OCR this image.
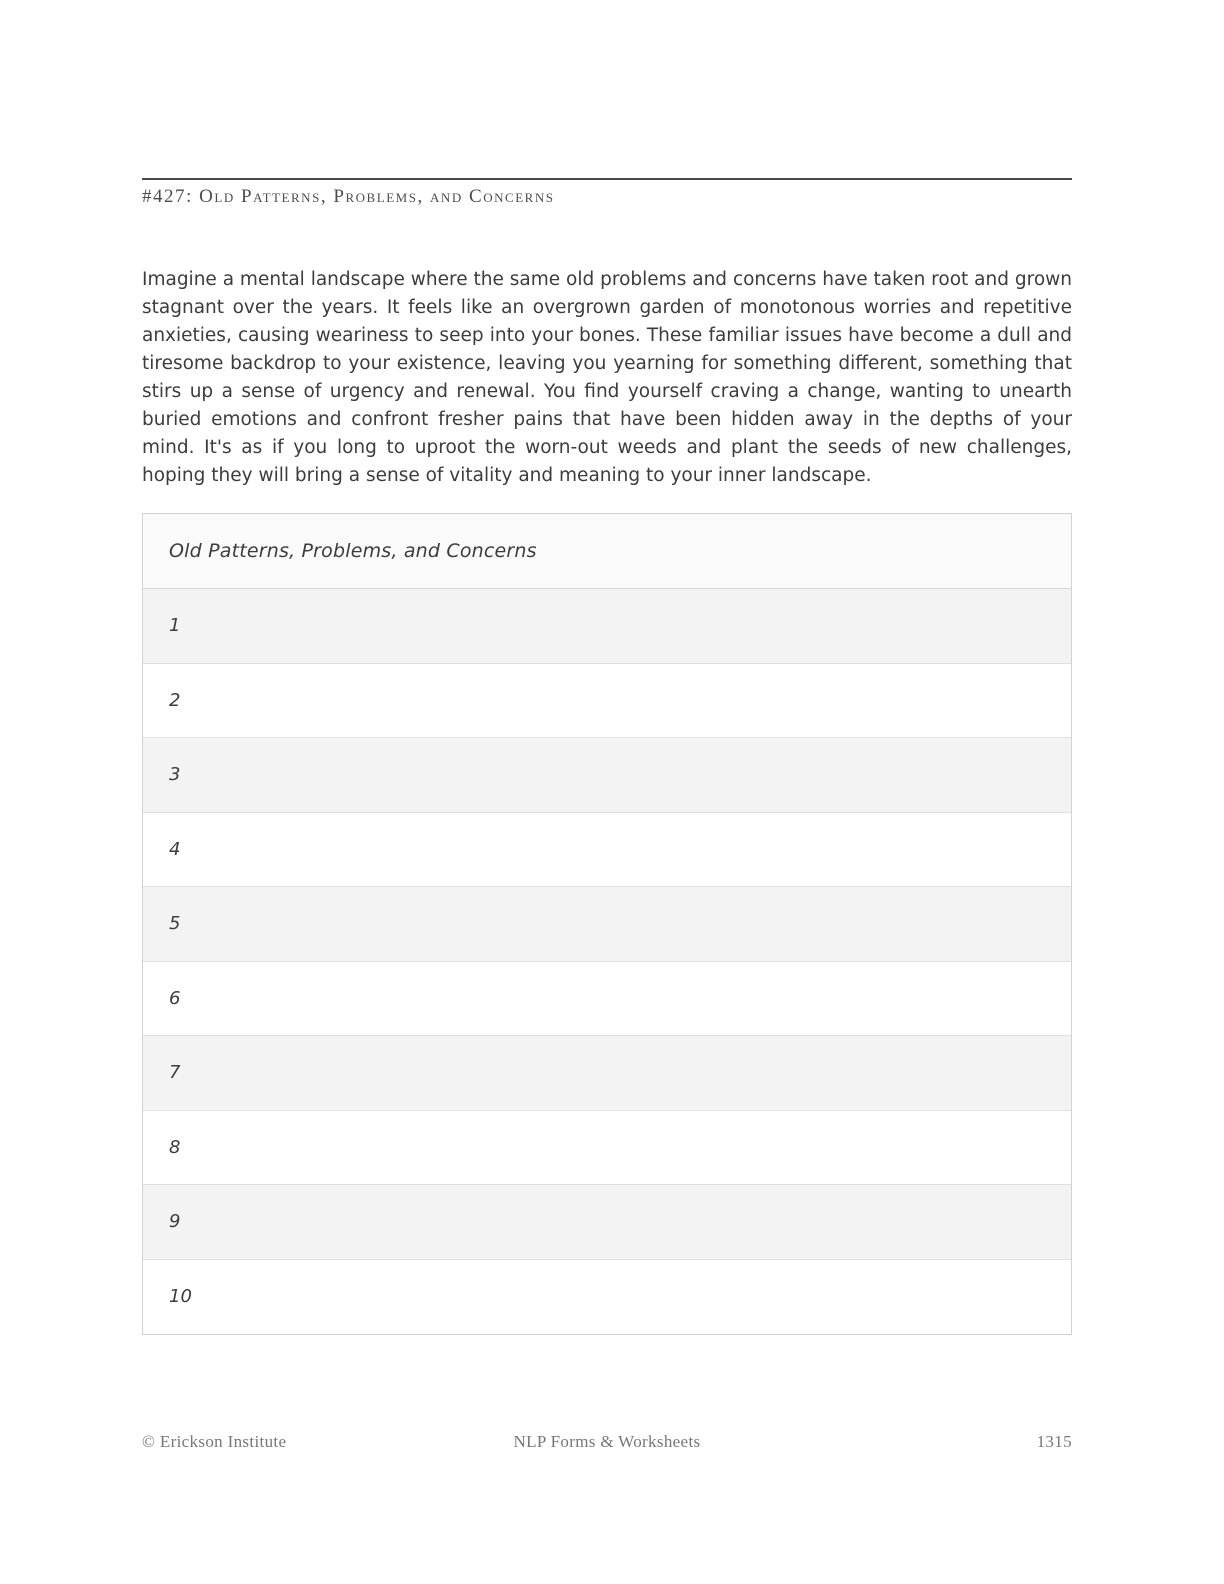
#427: Old Patterns, Problems, and Concerns
Imagine a mental landscape where the same old problems and concerns have taken root and grown stagnant over the years. It feels like an overgrown garden of monotonous worries and repetitive anxieties, causing weariness to seep into your bones. These familiar issues have become a dull and tiresome backdrop to your existence, leaving you yearning for something different, something that stirs up a sense of urgency and renewal. You find yourself craving a change, wanting to unearth buried emotions and confront fresher pains that have been hidden away in the depths of your mind. It's as if you long to uproot the worn-out weeds and plant the seeds of new challenges, hoping they will bring a sense of vitality and meaning to your inner landscape.
Old Patterns, Problems, and Concerns
1
2
3
4
5
6
7
8
9
10
© Erickson Institute	NLP Forms & Worksheets	1315
